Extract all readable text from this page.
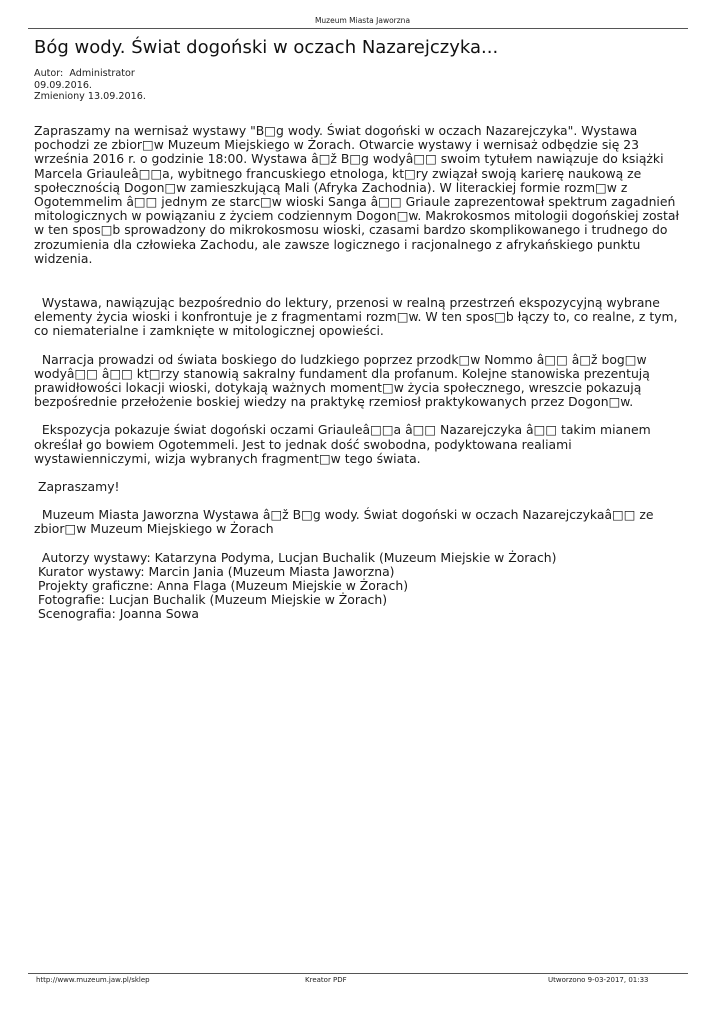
Muzeum Miasta Jaworzna
Bóg wody. Świat dogoński w oczach Nazarejczyka...
Autor:  Administrator
09.09.2016.
Zmieniony 13.09.2016.

Zapraszamy na wernisaż wystawy "B□g wody. Świat dogoński w oczach Nazarejczyka". Wystawa pochodzi ze zbior□w Muzeum Miejskiego w Żorach. Otwarcie wystawy i wernisaż odbędzie się 23 września 2016 r. o godzinie 18:00. Wystawa â□ž B□g wodyâ□□ swoim tytułem nawiązuje do książki Marcela Griauleâ□□a, wybitnego francuskiego etnologa, kt□ry związał swoją karierę naukową ze społecznością Dogon□w zamieszkującą Mali (Afryka Zachodnia). W literackiej formie rozm□w z Ogotemmelim â□□ jednym ze starc□w wioski Sanga â□□ Griaule zaprezentował spektrum zagadnień mitologicznych w powiązaniu z życiem codziennym Dogon□w. Makrokosmos mitologii dogońskiej został w ten spos□b sprowadzony do mikrokosmosu wioski, czasami bardzo skomplikowanego i trudnego do zrozumienia dla człowieka Zachodu, ale zawsze logicznego i racjonalnego z afrykańskiego punktu widzenia.

Wystawa, nawiązując bezpośrednio do lektury, przenosi w realną przestrzeń ekspozycyjną wybrane elementy życia wioski i konfrontuje je z fragmentami rozm□w. W ten spos□b łączy to, co realne, z tym, co niematerialne i zamknięte w mitologicznej opowieści.

Narracja prowadzi od świata boskiego do ludzkiego poprzez przodk□w Nommo â□□ â□ž bog□w wodyâ□□ â□□ kt□rzy stanowią sakralny fundament dla profanum. Kolejne stanowiska prezentują prawidłowości lokacji wioski, dotykają ważnych moment□w życia społecznego, wreszcie pokazują bezpośrednie przełożenie boskiej wiedzy na praktykę rzemiosł praktykowanych przez Dogon□w.

Ekspozycja pokazuje świat dogoński oczami Griauleâ□□a â□□ Nazarejczyka â□□ takim mianem określał go bowiem Ogotemmeli. Jest to jednak dość swobodna, podyktowana realiami wystawienniczymi, wizja wybranych fragment□w tego świata.

Zapraszamy!

Muzeum Miasta Jaworzna Wystawa â□ž B□g wody. Świat dogoński w oczach Nazarejczykaâ□□ ze zbior□w Muzeum Miejskiego w Żorach

Autorzy wystawy: Katarzyna Podyma, Lucjan Buchalik (Muzeum Miejskie w Żorach)
Kurator wystawy: Marcin Jania (Muzeum Miasta Jaworzna)
Projekty graficzne: Anna Flaga (Muzeum Miejskie w Żorach)
Fotografie: Lucjan Buchalik (Muzeum Miejskie w Żorach)
Scenografia: Joanna Sowa
http://www.muzeum.jaw.pl/sklep	Kreator PDF	Utworzono 9-03-2017, 01:33
